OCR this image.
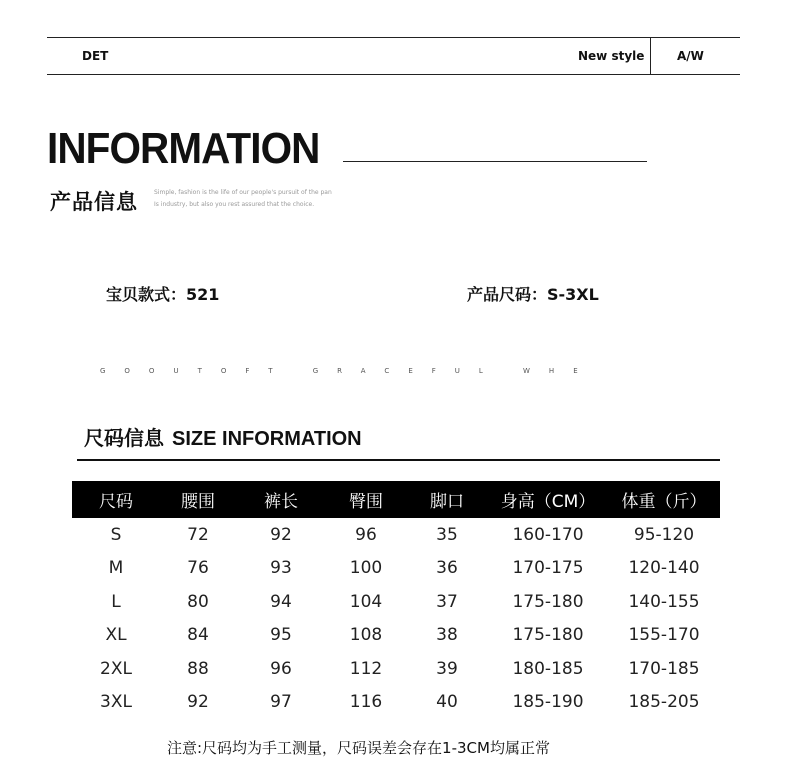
DET	New style	A/W
INFORMATION
产品信息	Simple, fashion is the life of our people's pursuit of the pan
Is industry, but also you rest assured that the choice.
宝贝款式：521	产品尺码：S-3XL
GOOUTOFT GRACEFUL WHE
尺码信息 SIZE INFORMATION
尺码	腰围	裤长	臀围	脚口	身高（CM）	体重（斤）
S	72	92	96	35	160-170	95-120
M	76	93	100	36	170-175	120-140
L	80	94	104	37	175-180	140-155
XL	84	95	108	38	175-180	155-170
2XL	88	96	112	39	180-185	170-185
3XL	92	97	116	40	185-190	185-205
注意:尺码均为手工测量，尺码误差会存在1-3CM均属正常
